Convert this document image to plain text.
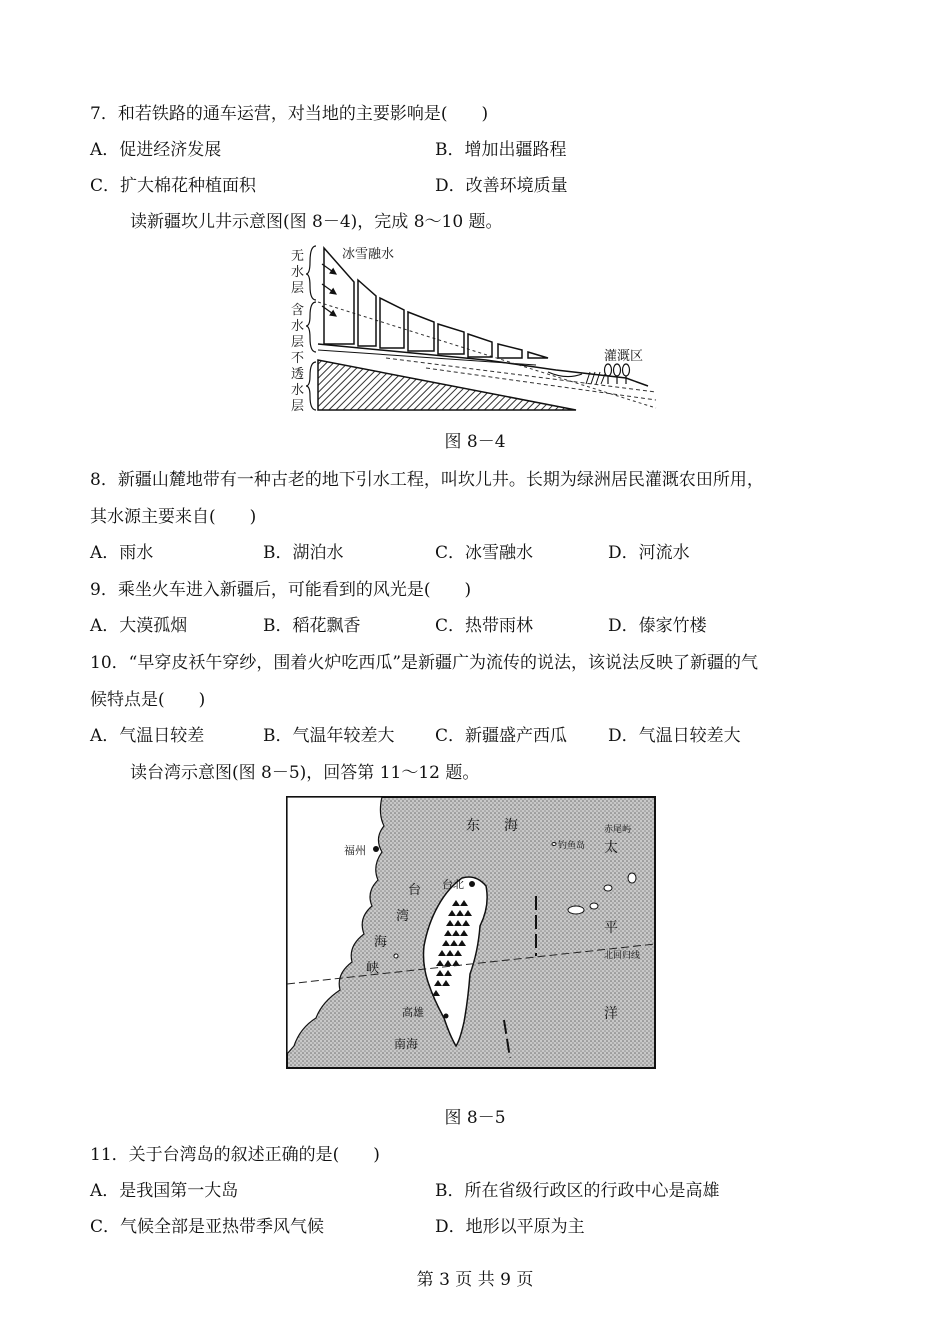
7．和若铁路的通车运营，对当地的主要影响是(　　)
A．促进经济发展	B．增加出疆路程
C．扩大棉花种植面积	D．改善环境质量
读新疆坎儿井示意图(图 8－4)，完成 8～10 题。
无
水
层
含
水
层
不
透
水
层
冰雪融水
灌溉区
图 8－4
8．新疆山麓地带有一种古老的地下引水工程，叫坎儿井。长期为绿洲居民灌溉农田所用，
其水源主要来自(　　)
A．雨水	B．湖泊水	C．冰雪融水	D．河流水
9．乘坐火车进入新疆后，可能看到的风光是(　　)
A．大漠孤烟	B．稻花飘香	C．热带雨林	D．傣家竹楼
10．“早穿皮袄午穿纱，围着火炉吃西瓜”是新疆广为流传的说法，该说法反映了新疆的气
候特点是(　　)
A．气温日较差	B．气温年较差大 C．新疆盛产西瓜 D．气温日较差大
读台湾示意图(图 8－5)，回答第 11～12 题。
东 海
太
平
洋
台
湾
海
峡
南海
福州
台北
高雄
钓鱼岛
赤尾屿
北回归线
图 8－5
11．关于台湾岛的叙述正确的是(　　)
A．是我国第一大岛	B．所在省级行政区的行政中心是高雄
C．气候全部是亚热带季风气候	D．地形以平原为主
第 3 页 共 9 页
